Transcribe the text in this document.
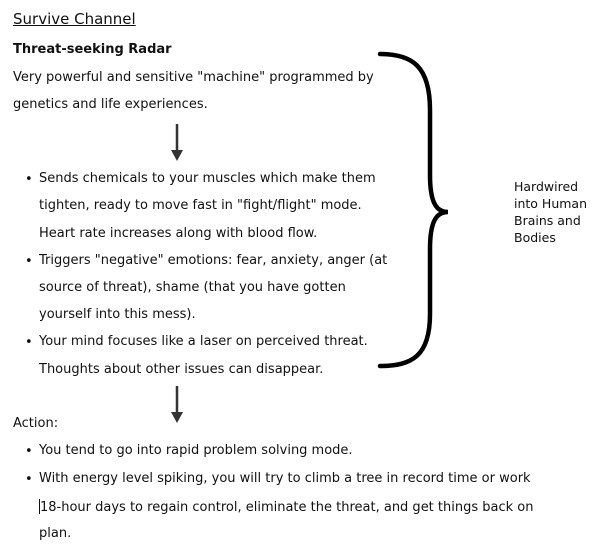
Survive Channel
Threat-seeking Radar
Very powerful and sensitive "machine" programmed by
genetics and life experiences.
• Sends chemicals to your muscles which make them
tighten, ready to move fast in "fight/flight" mode.
Heart rate increases along with blood flow.
• Triggers "negative" emotions: fear, anxiety, anger (at
source of threat), shame (that you have gotten
yourself into this mess).
• Your mind focuses like a laser on perceived threat.
Thoughts about other issues can disappear.
Hardwired
into Human
Brains and
Bodies
Action:
• You tend to go into rapid problem solving mode.
• With energy level spiking, you will try to climb a tree in record time or work
18-hour days to regain control, eliminate the threat, and get things back on
plan.
